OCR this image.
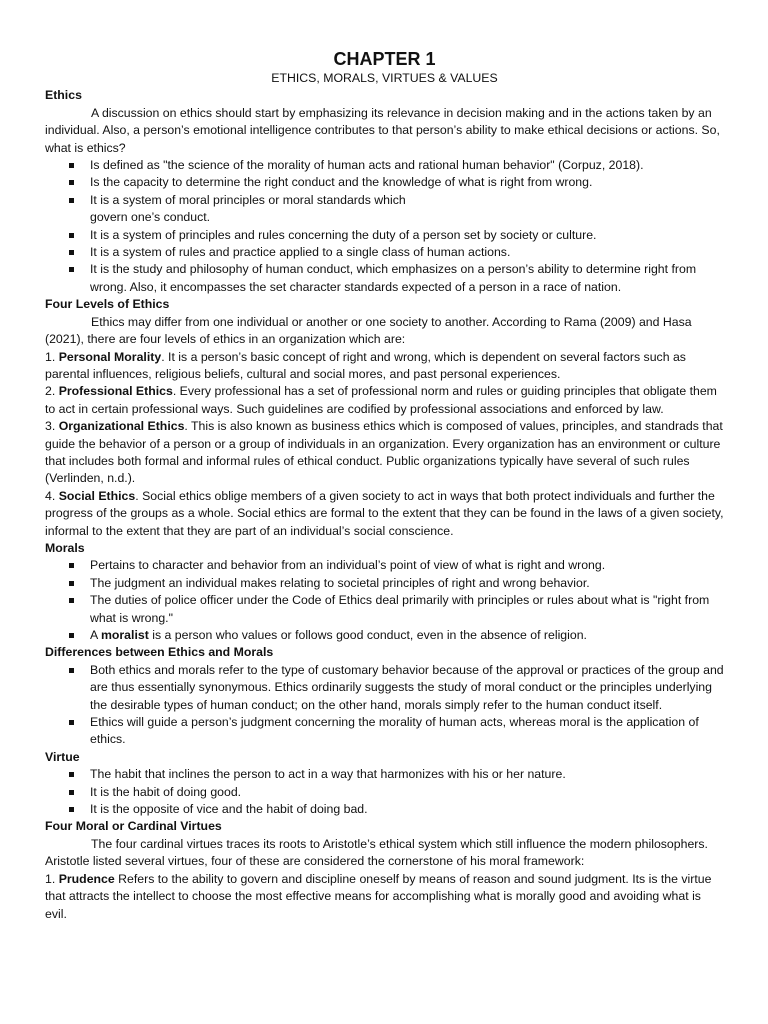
CHAPTER 1

ETHICS, MORALS, VIRTUES & VALUES

Ethics

A discussion on ethics should start by emphasizing its relevance in decision making and in the actions taken by an individual. Also, a person’s emotional intelligence contributes to that person’s ability to make ethical decisions or actions. So, what is ethics?

Is defined as "the science of the morality of human acts and rational human behavior" (Corpuz, 2018).
Is the capacity to determine the right conduct and the knowledge of what is right from wrong.
It is a system of moral principles or moral standards which
govern one’s conduct.
It is a system of principles and rules concerning the duty of a person set by society or culture.
It is a system of rules and practice applied to a single class of human actions.
It is the study and philosophy of human conduct, which emphasizes on a person’s ability to determine right from wrong. Also, it encompasses the set character standards expected of a person in a race of nation.
Four Levels of Ethics

Ethics may differ from one individual or another or one society to another. According to Rama (2009) and Hasa (2021), there are four levels of ethics in an organization which are:

1. Personal Morality. It is a person’s basic concept of right and wrong, which is dependent on several factors such as parental influences, religious beliefs, cultural and social mores, and past personal experiences.

2. Professional Ethics. Every professional has a set of professional norm and rules or guiding principles that obligate them to act in certain professional ways. Such guidelines are codified by professional associations and enforced by law.

3. Organizational Ethics. This is also known as business ethics which is composed of values, principles, and standrads that guide the behavior of a person or a group of individuals in an organization. Every organization has an environment or culture that includes both formal and informal rules of ethical conduct. Public organizations typically have several of such rules (Verlinden, n.d.).

4. Social Ethics. Social ethics oblige members of a given society to act in ways that both protect individuals and further the progress of the groups as a whole. Social ethics are formal to the extent that they can be found in the laws of a given society, informal to the extent that they are part of an individual’s social conscience.

Morals
Pertains to character and behavior from an individual’s point of view of what is right and wrong.
The judgment an individual makes relating to societal principles of right and wrong behavior.
The duties of police officer under the Code of Ethics deal primarily with principles or rules about what is "right from what is wrong."
A moralist is a person who values or follows good conduct, even in the absence of religion.
Differences between Ethics and Morals
Both ethics and morals refer to the type of customary behavior because of the approval or practices of the group and are thus essentially synonymous. Ethics ordinarily suggests the study of moral conduct or the principles underlying the desirable types of human conduct; on the other hand, morals simply refer to the human conduct itself.
Ethics will guide a person’s judgment concerning the morality of human acts, whereas moral is the application of ethics.
Virtue
The habit that inclines the person to act in a way that harmonizes with his or her nature.
It is the habit of doing good.
It is the opposite of vice and the habit of doing bad.
Four Moral or Cardinal Virtues

The four cardinal virtues traces its roots to Aristotle’s ethical system which still influence the modern philosophers. Aristotle listed several virtues, four of these are considered the cornerstone of his moral framework:

1. Prudence Refers to the ability to govern and discipline oneself by means of reason and sound judgment. Its is the virtue that attracts the intellect to choose the most effective means for accomplishing what is morally good and avoiding what is evil.
